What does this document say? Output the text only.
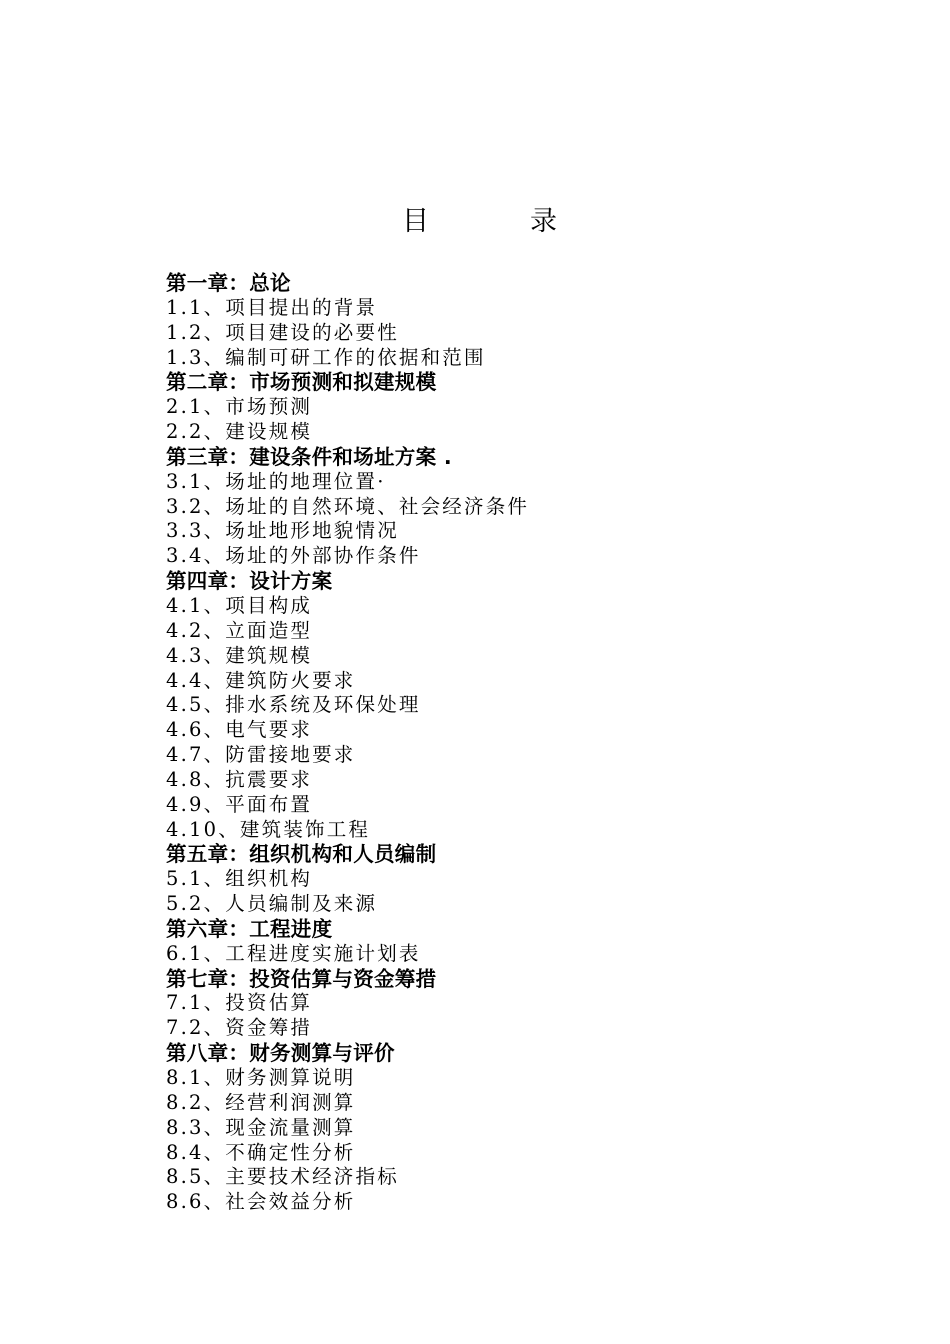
目	录
第一章：总论
1.1、项目提出的背景
1.2、项目建设的必要性
1.3、编制可研工作的依据和范围
第二章：市场预测和拟建规模
2.1、市场预测
2.2、建设规模
第三章：建设条件和场址方案 .
3.1、场址的地理位置·
3.2、场址的自然环境、社会经济条件
3.3、场址地形地貌情况
3.4、场址的外部协作条件
第四章：设计方案
4.1、项目构成
4.2、立面造型
4.3、建筑规模
4.4、建筑防火要求
4.5、排水系统及环保处理
4.6、电气要求
4.7、防雷接地要求
4.8、抗震要求
4.9、平面布置
4.10、建筑装饰工程
第五章：组织机构和人员编制
5.1、组织机构
5.2、人员编制及来源
第六章：工程进度
6.1、工程进度实施计划表
第七章：投资估算与资金筹措
7.1、投资估算
7.2、资金筹措
第八章：财务测算与评价
8.1、财务测算说明
8.2、经营利润测算
8.3、现金流量测算
8.4、不确定性分析
8.5、主要技术经济指标
8.6、社会效益分析
